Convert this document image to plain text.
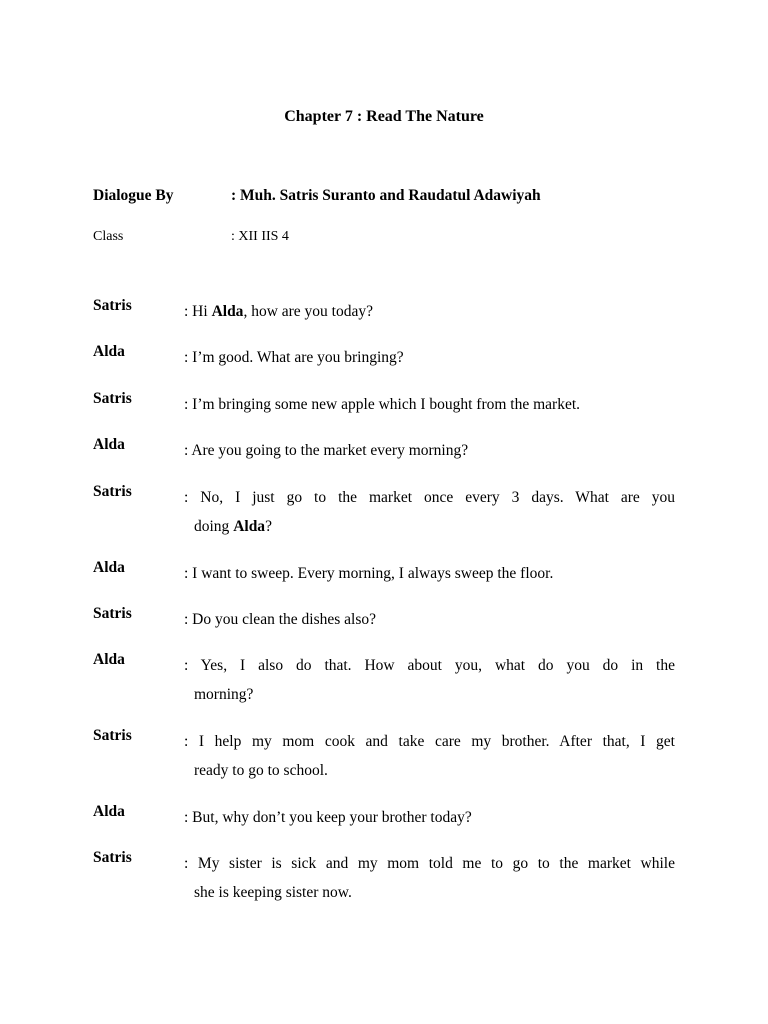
Chapter 7 : Read The Nature
Dialogue By	: Muh. Satris Suranto and Raudatul Adawiyah
Class	: XII IIS 4
Satris	: Hi Alda, how are you today?
Alda	: I’m good. What are you bringing?
Satris	: I’m bringing some new apple which I bought from the market.
Alda	: Are you going to the market every morning?
Satris	: No, I just go to the market once every 3 days. What are you
doing Alda?
Alda	: I want to sweep. Every morning, I always sweep the floor.
Satris	: Do you clean the dishes also?
Alda	: Yes, I also do that. How about you, what do you do in the
morning?
Satris	: I help my mom cook and take care my brother. After that, I get
ready to go to school.
Alda	: But, why don’t you keep your brother today?
Satris	: My sister is sick and my mom told me to go to the market while
she is keeping sister now.
